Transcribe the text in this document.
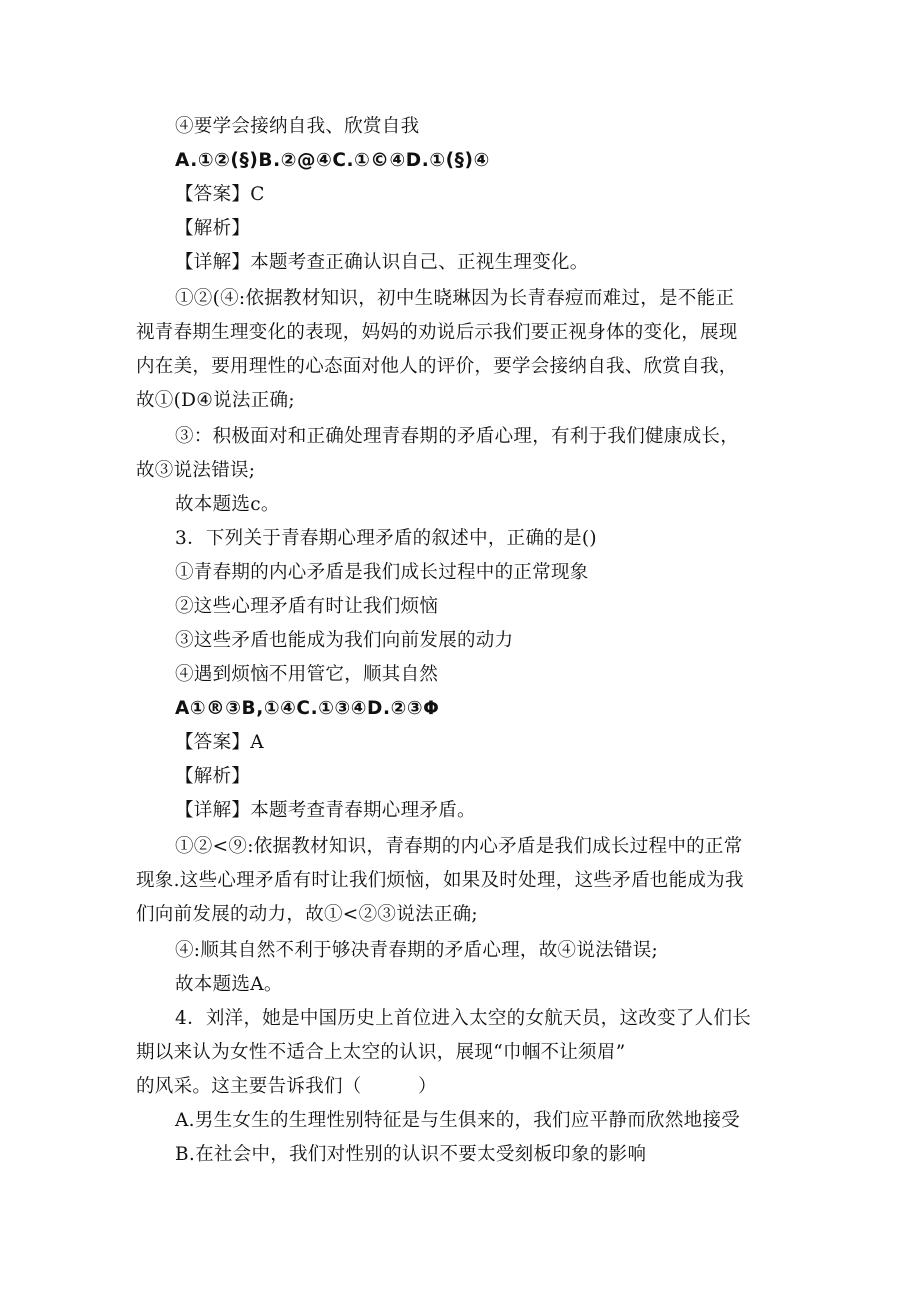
④要学会接纳自我、欣赏自我
A.①②(§)B.②@④C.①©④D.①(§)④
【答案】C
【解析】
【详解】本题考查正确认识自己、正视生理变化。
①②(④:依据教材知识，初中生晓琳因为长青春痘而难过，是不能正
视青春期生理变化的表现，妈妈的劝说后示我们要正视身体的变化，展现
内在美，要用理性的心态面对他人的评价，要学会接纳自我、欣赏自我，
故①(D④说法正确;
③：积极面对和正确处理青春期的矛盾心理，有利于我们健康成长，
故③说法错误;
故本题选c。
3．下列关于青春期心理矛盾的叙述中，正确的是()
①青春期的内心矛盾是我们成长过程中的正常现象
②这些心理矛盾有时让我们烦恼
③这些矛盾也能成为我们向前发展的动力
④遇到烦恼不用管它，顺其自然
A①®③B,①④C.①③④D.②③Φ
【答案】A
【解析】
【详解】本题考查青春期心理矛盾。
①②<⑨:依据教材知识，青春期的内心矛盾是我们成长过程中的正常
现象.这些心理矛盾有时让我们烦恼，如果及时处理，这些矛盾也能成为我
们向前发展的动力，故①<②③说法正确;
④:顺其自然不利于够决青春期的矛盾心理，故④说法错误;
故本题选A。
4．刘洋，她是中国历史上首位进入太空的女航天员，这改变了人们长
期以来认为女性不适合上太空的认识，展现“巾帼不让须眉”
的风采。这主要告诉我们（　　　）
A.男生女生的生理性别特征是与生俱来的，我们应平静而欣然地接受
B.在社会中，我们对性别的认识不要太受刻板印象的影响
